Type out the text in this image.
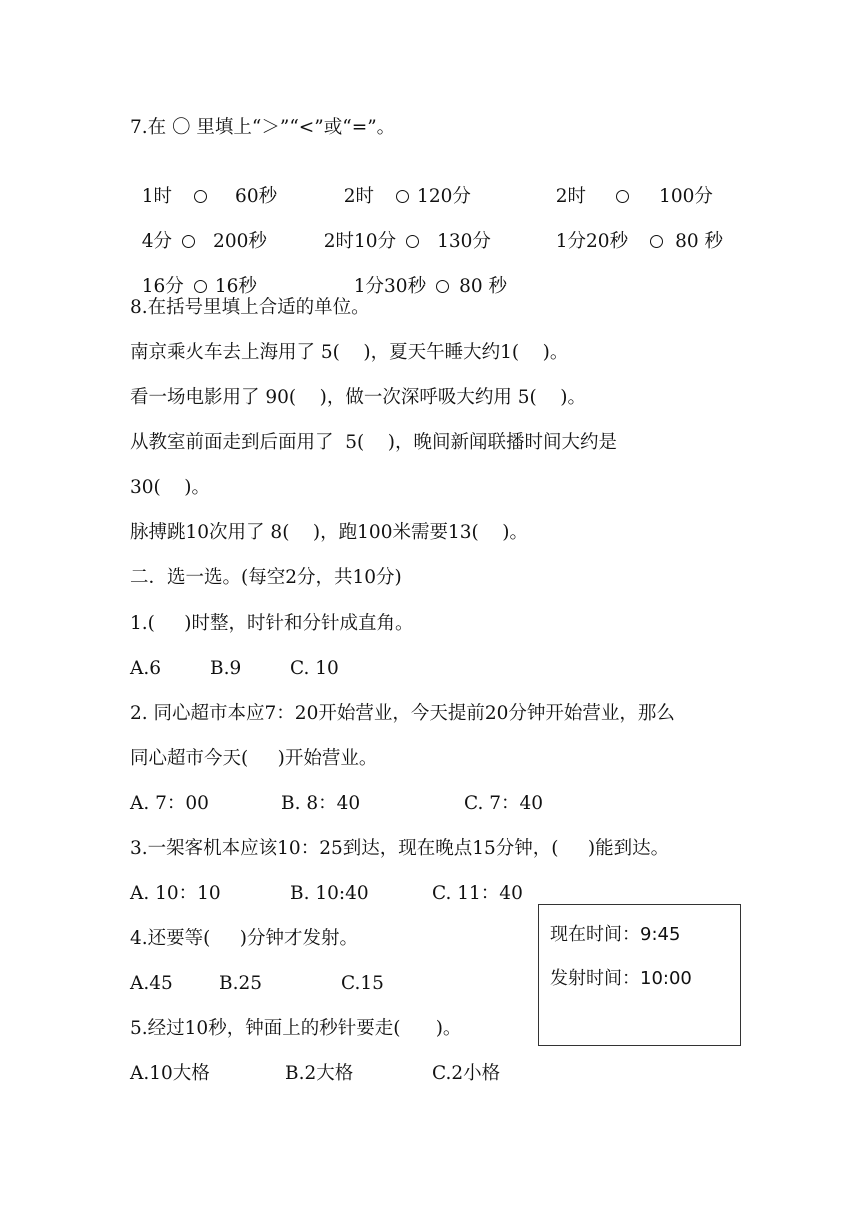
7.在 〇 里填上“＞”“<”或“=”。

1时	60秒	2时 120分	2时	100分

4分 200秒	2时10分 130分	1分20秒	80 秒

16分 16秒	1分30秒 80 秒

8.在括号里填上合适的单位。
南京乘火车去上海用了 5(    )，夏天午睡大约1(    )。
看一场电影用了 90(    )，做一次深呼吸大约用 5(    )。
从教室前面走到后面用了  5(    )，晚间新闻联播时间大约是
30(    )。
脉搏跳10次用了 8(    )，跑100米需要13(    )。
二．选一选。(每空2分，共10分)
1.(     )时整，时针和分针成直角。
A.6	B.9	C. 10
2. 同心超市本应7：20开始营业，今天提前20分钟开始营业，那么
同心超市今天(     )开始营业。
A. 7：00	B. 8：40	C. 7：40
3.一架客机本应该10：25到达，现在晚点15分钟，(     )能到达。
A. 10：10	B. 10:40	C. 11：40
4.还要等(     )分钟才发射。
A.45 B.25	C.15
5.经过10秒，钟面上的秒针要走(      )。
A.10大格	B.2大格	C.2小格
现在时间：9:45
发射时间：10:00
